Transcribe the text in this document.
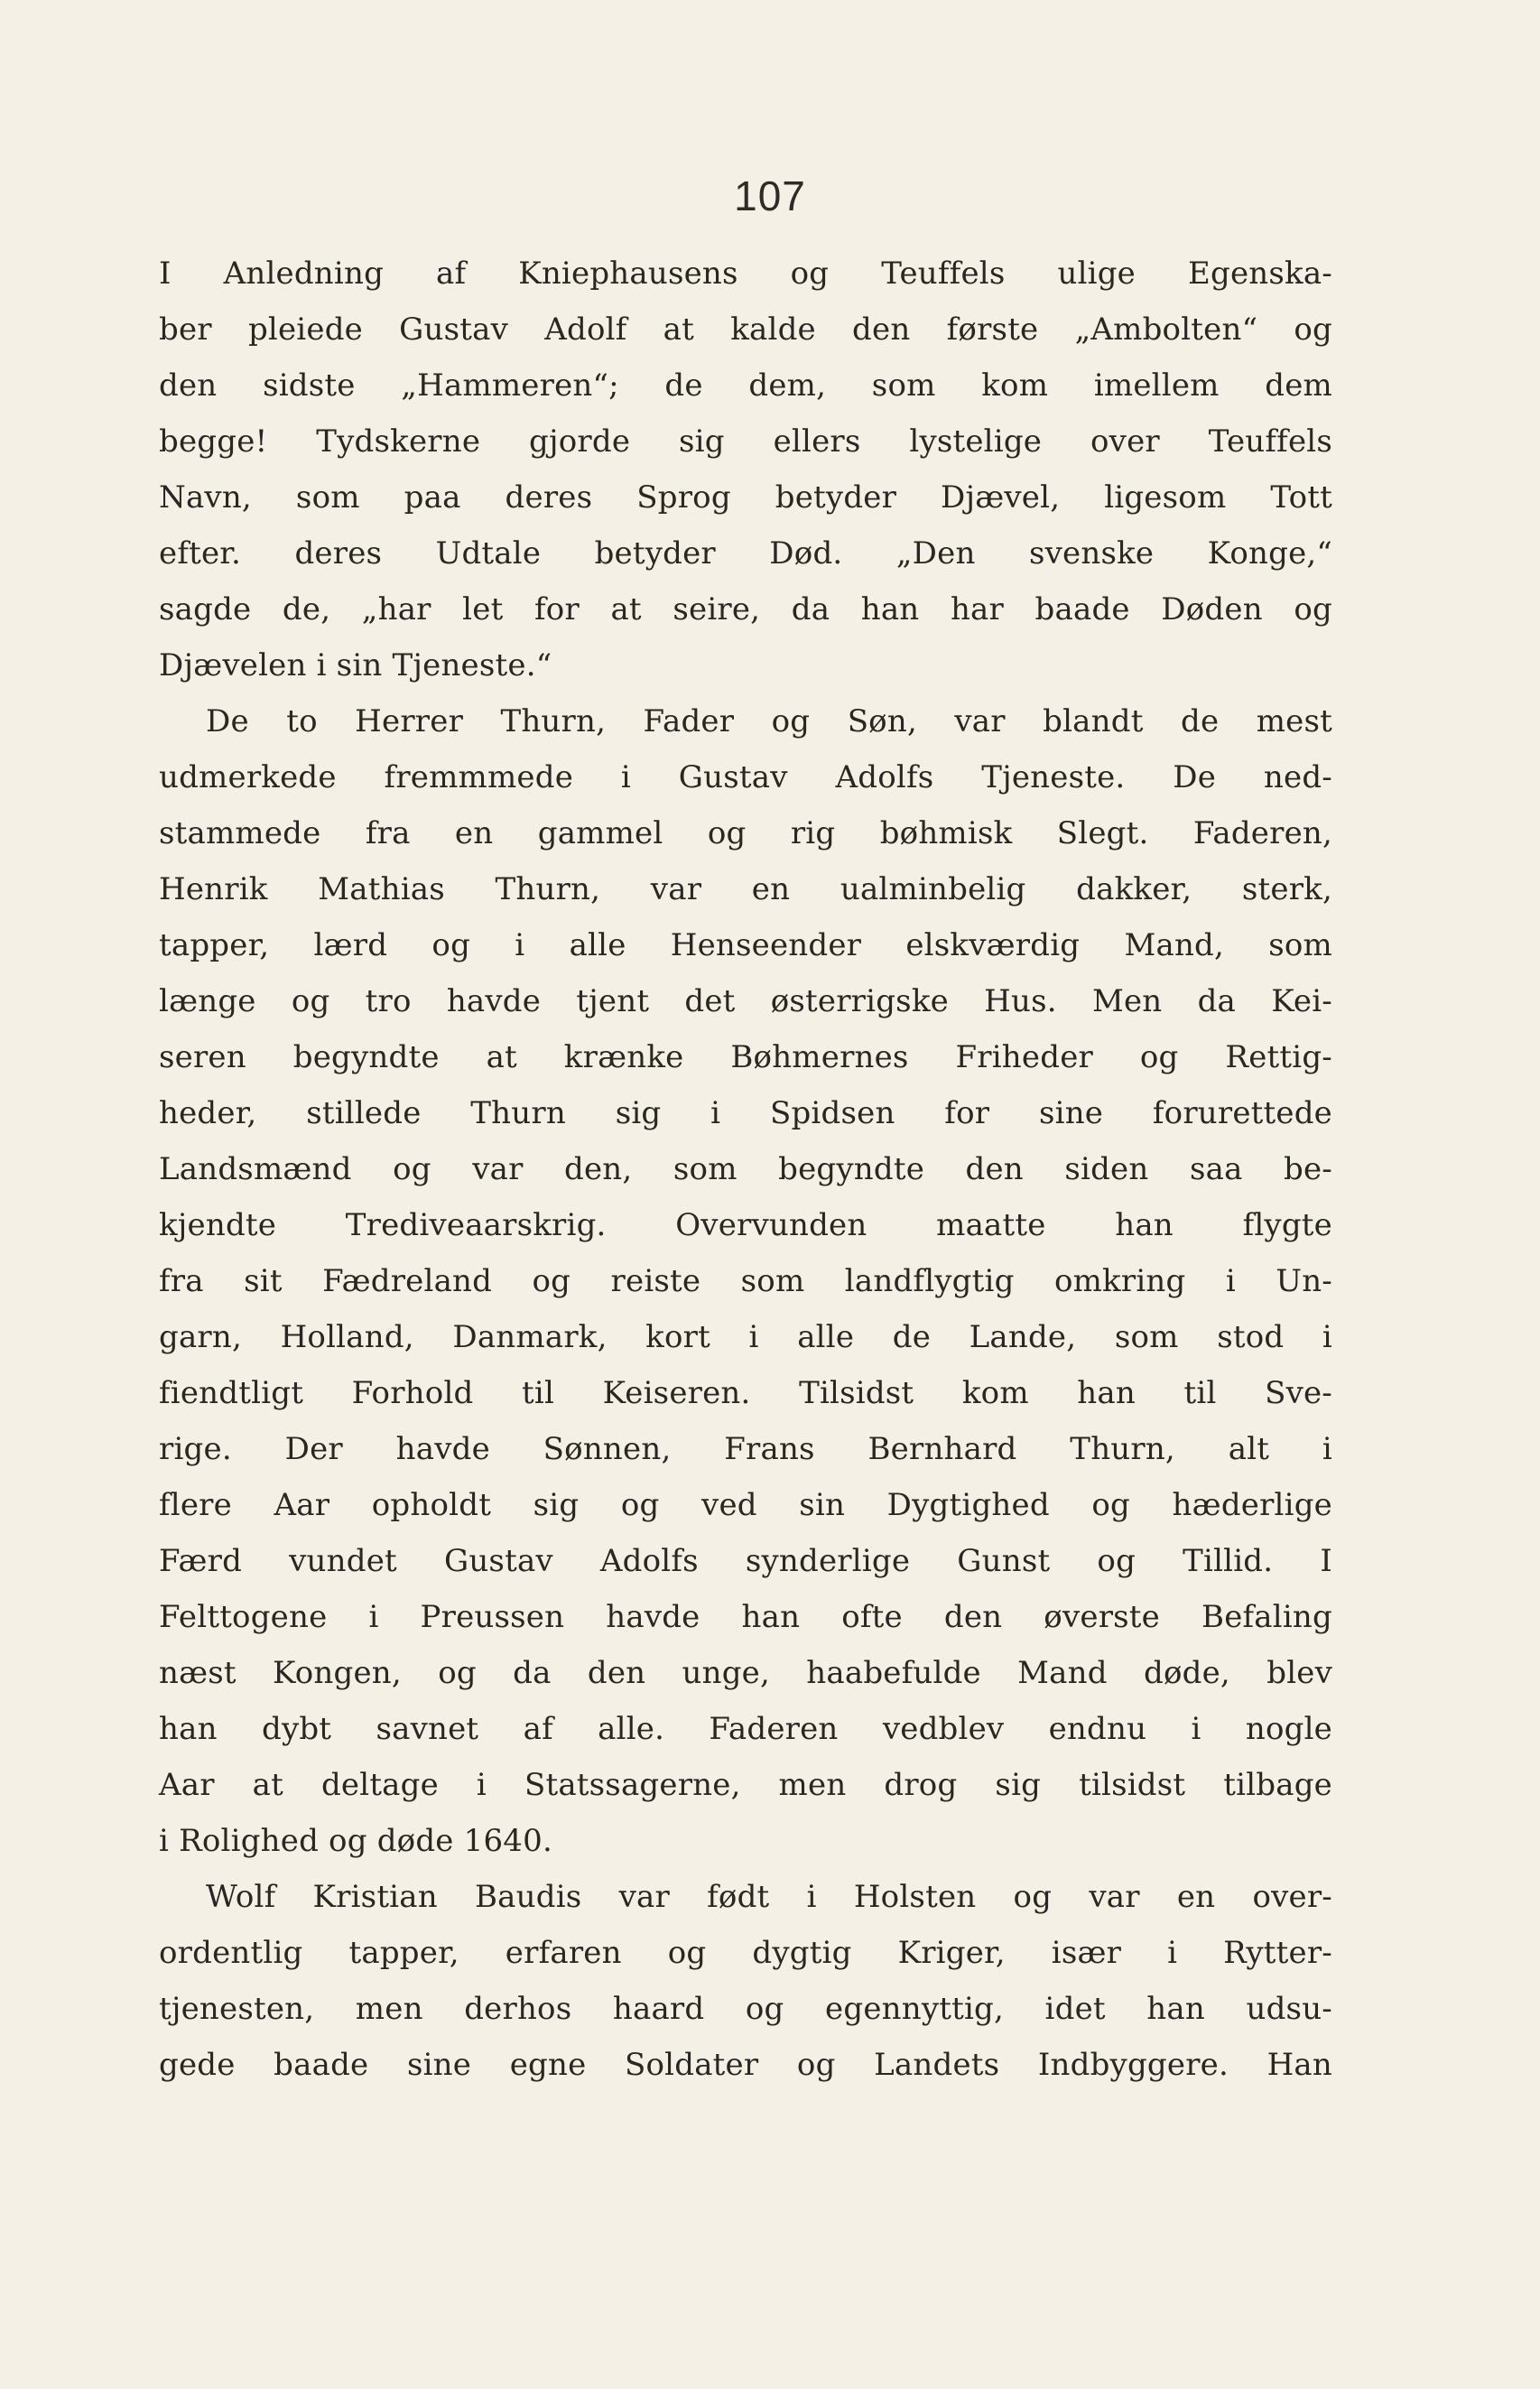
107
I Anledning af Kniephausens og Teuffels ulige Egenska-
ber pleiede Gustav Adolf at kalde den første „Ambolten“ og
den sidste „Hammeren“; de dem, som kom imellem dem
begge! Tydskerne gjorde sig ellers lystelige over Teuffels
Navn, som paa deres Sprog betyder Djævel, ligesom Tott
efter. deres Udtale betyder Død. „Den svenske Konge,“
sagde de, „har let for at seire, da han har baade Døden og
Djævelen i sin Tjeneste.“
De to Herrer Thurn, Fader og Søn, var blandt de mest
udmerkede fremmmede i Gustav Adolfs Tjeneste. De ned-
stammede fra en gammel og rig bøhmisk Slegt. Faderen,
Henrik Mathias Thurn, var en ualminbelig dakker, sterk,
tapper, lærd og i alle Henseender elskværdig Mand, som
længe og tro havde tjent det østerrigske Hus. Men da Kei-
seren begyndte at krænke Bøhmernes Friheder og Rettig-
heder, stillede Thurn sig i Spidsen for sine forurettede
Landsmænd og var den, som begyndte den siden saa be-
kjendte Trediveaarskrig. Overvunden maatte han flygte
fra sit Fædreland og reiste som landflygtig omkring i Un-
garn, Holland, Danmark, kort i alle de Lande, som stod i
fiendtligt Forhold til Keiseren. Tilsidst kom han til Sve-
rige. Der havde Sønnen, Frans Bernhard Thurn, alt i
flere Aar opholdt sig og ved sin Dygtighed og hæderlige
Færd vundet Gustav Adolfs synderlige Gunst og Tillid. I
Felttogene i Preussen havde han ofte den øverste Befaling
næst Kongen, og da den unge, haabefulde Mand døde, blev
han dybt savnet af alle. Faderen vedblev endnu i nogle
Aar at deltage i Statssagerne, men drog sig tilsidst tilbage
i Rolighed og døde 1640.
Wolf Kristian Baudis var født i Holsten og var en over-
ordentlig tapper, erfaren og dygtig Kriger, især i Rytter-
tjenesten, men derhos haard og egennyttig, idet han udsu-
gede baade sine egne Soldater og Landets Indbyggere. Han
